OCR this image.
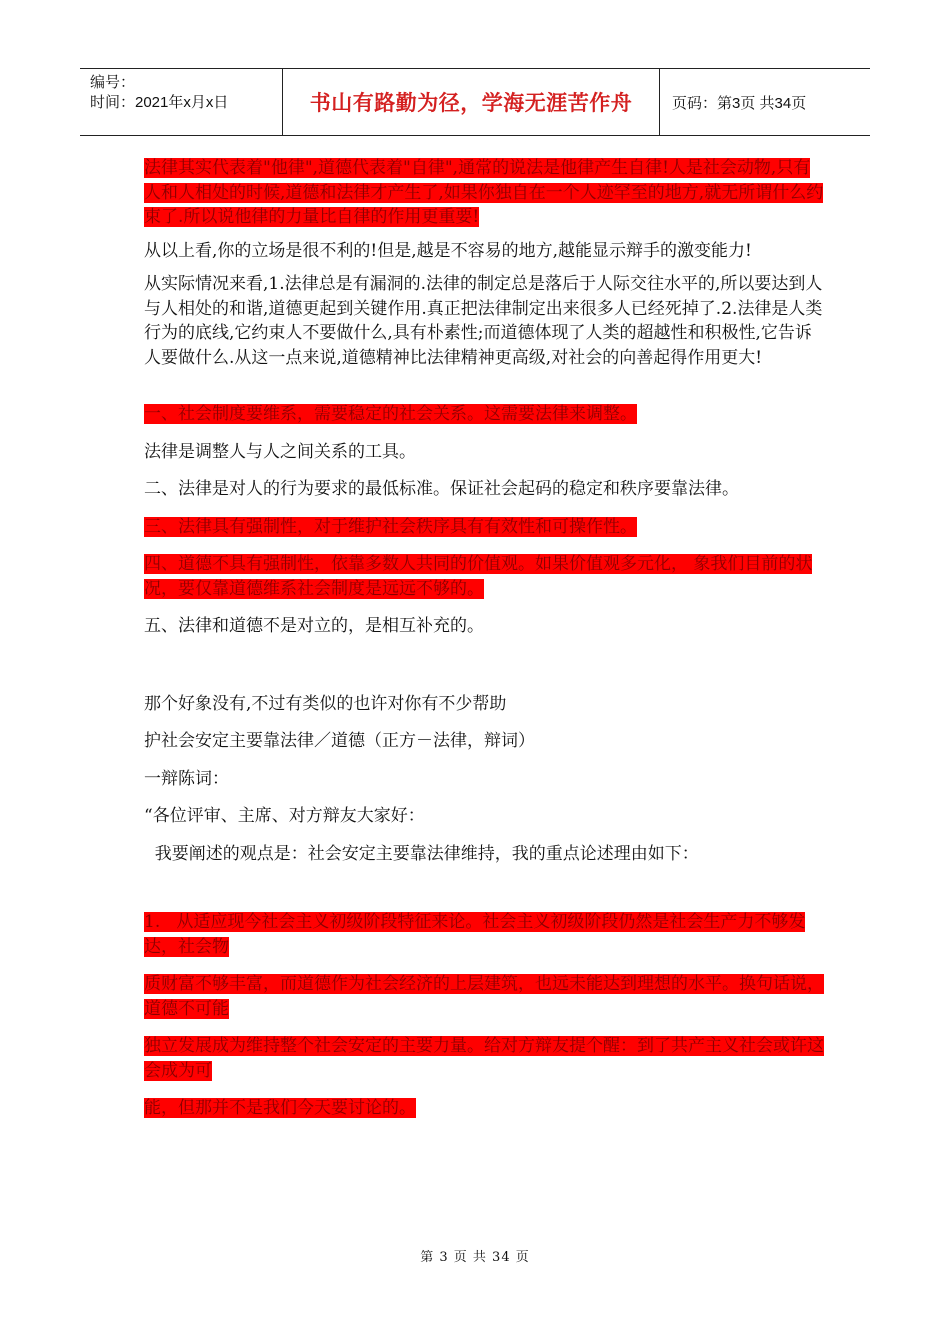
编号：
时间：2021年x月x日	书山有路勤为径，学海无涯苦作舟	页码：第3页 共34页

法律其实代表着"他律",道德代表着"自律",通常的说法是他律产生自律!人是社会动物,只有人和人相处的时候,道德和法律才产生了,如果你独自在一个人迹罕至的地方,就无所谓什么约束了.所以说他律的力量比自律的作用更重要!

从以上看,你的立场是很不利的!但是,越是不容易的地方,越能显示辩手的激变能力!

从实际情况来看,1.法律总是有漏洞的.法律的制定总是落后于人际交往水平的,所以要达到人与人相处的和谐,道德更起到关键作用.真正把法律制定出来很多人已经死掉了.2.法律是人类行为的底线,它约束人不要做什么,具有朴素性;而道德体现了人类的超越性和积极性,它告诉人要做什么.从这一点来说,道德精神比法律精神更高级,对社会的向善起得作用更大!

一、社会制度要维系，需要稳定的社会关系。这需要法律来调整。

法律是调整人与人之间关系的工具。

二、法律是对人的行为要求的最低标准。保证社会起码的稳定和秩序要靠法律。

三、法律具有强制性，对于维护社会秩序具有有效性和可操作性。

四、道德不具有强制性，依靠多数人共同的价值观。如果价值观多元化， 象我们目前的状况，要仅靠道德维系社会制度是远远不够的。

五、法律和道德不是对立的，是相互补充的。

那个好象没有,不过有类似的也许对你有不少帮助

护社会安定主要靠法律／道德（正方－法律，辩词）

一辩陈词：

“各位评审、主席、对方辩友大家好：

我要阐述的观点是：社会安定主要靠法律维持，我的重点论述理由如下：

1.   从适应现今社会主义初级阶段特征来论。社会主义初级阶段仍然是社会生产力不够发达，社会物

质财富不够丰富，而道德作为社会经济的上层建筑，也远未能达到理想的水平。换句话说，道德不可能

独立发展成为维持整个社会安定的主要力量。给对方辩友提个醒：到了共产主义社会或许这会成为可

能，但那并不是我们今天要讨论的。

第 3 页 共 34 页
